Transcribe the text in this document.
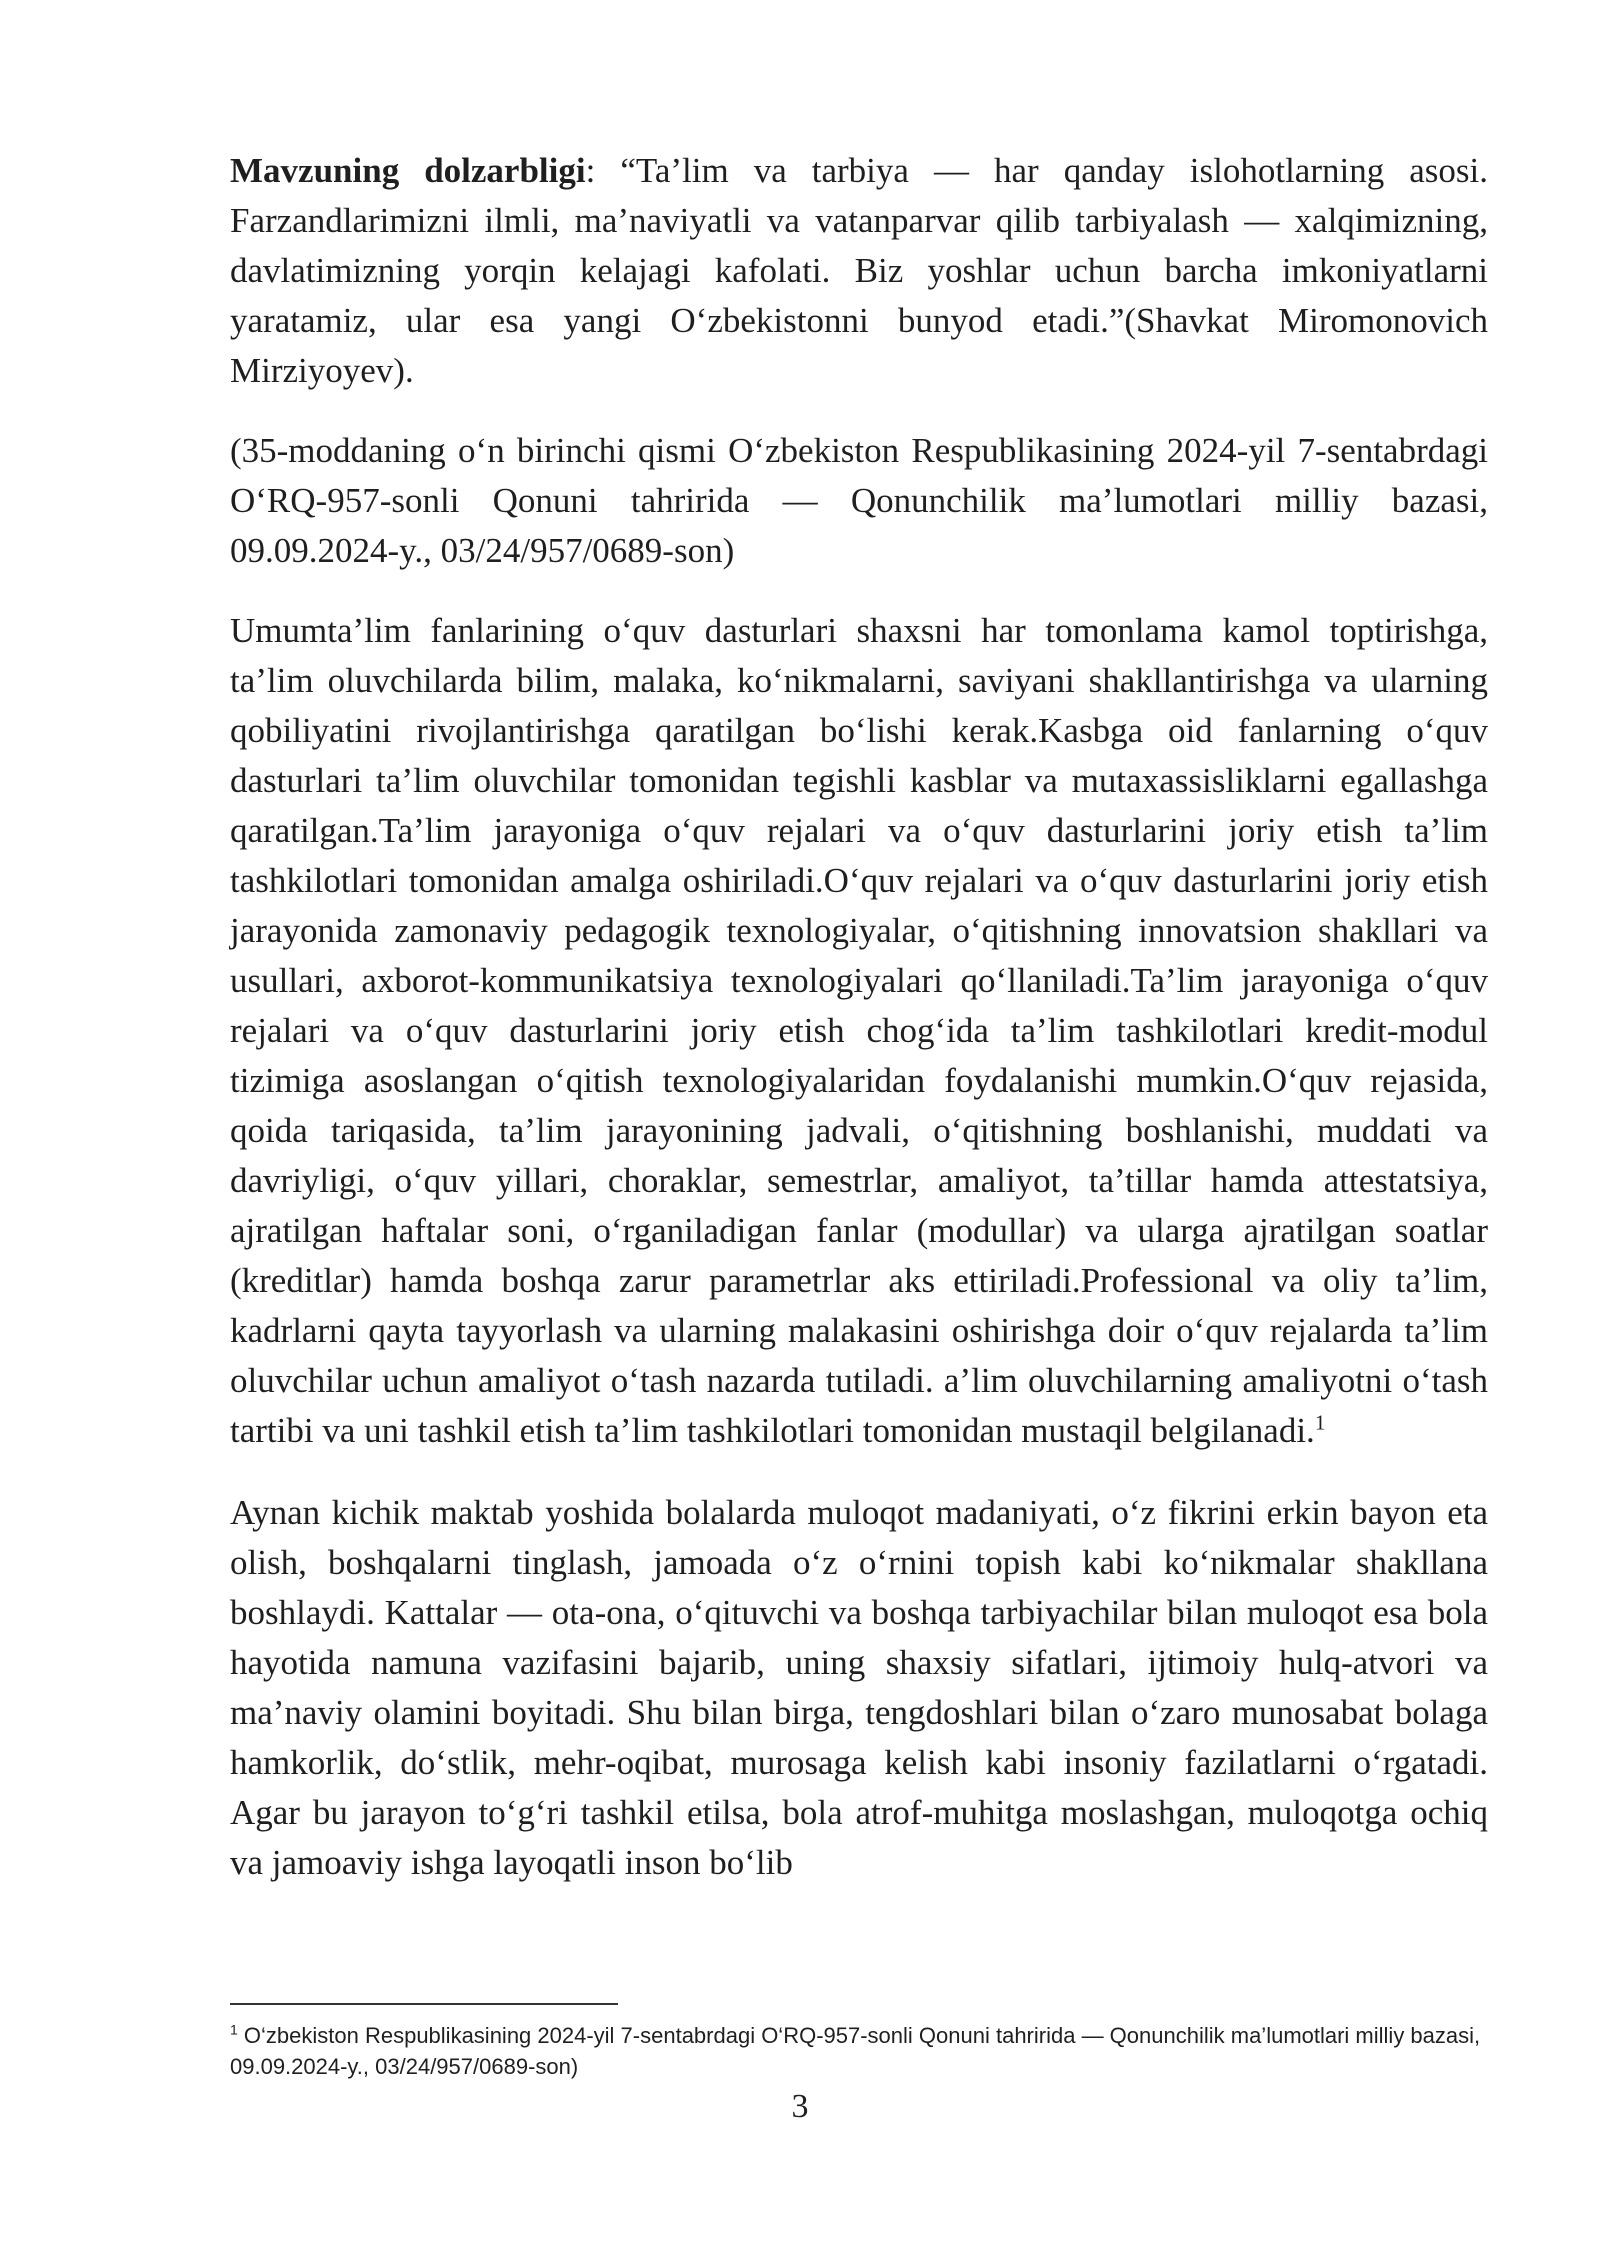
Mavzuning dolzarbligi: “Ta’lim va tarbiya — har qanday islohotlarning asosi. Farzandlarimizni ilmli, ma’naviyatli va vatanparvar qilib tarbiyalash — xalqimizning, davlatimizning yorqin kelajagi kafolati. Biz yoshlar uchun barcha imkoniyatlarni yaratamiz, ular esa yangi O‘zbekistonni bunyod etadi.”(Shavkat Miromonovich Mirziyoyev).

(35-moddaning o‘n birinchi qismi O‘zbekiston Respublikasining 2024-yil 7-sentabrdagi O‘RQ-957-sonli Qonuni tahririda — Qonunchilik ma’lumotlari milliy bazasi, 09.09.2024-y., 03/24/957/0689-son)

Umumta’lim fanlarining o‘quv dasturlari shaxsni har tomonlama kamol toptirishga, ta’lim oluvchilarda bilim, malaka, ko‘nikmalarni, saviyani shakllantirishga va ularning qobiliyatini rivojlantirishga qaratilgan bo‘lishi kerak.Kasbga oid fanlarning o‘quv dasturlari ta’lim oluvchilar tomonidan tegishli kasblar va mutaxassisliklarni egallashga qaratilgan.Ta’lim jarayoniga o‘quv rejalari va o‘quv dasturlarini joriy etish ta’lim tashkilotlari tomonidan amalga oshiriladi.O‘quv rejalari va o‘quv dasturlarini joriy etish jarayonida zamonaviy pedagogik texnologiyalar, o‘qitishning innovatsion shakllari va usullari, axborot-kommunikatsiya texnologiyalari qo‘llaniladi.Ta’lim jarayoniga o‘quv rejalari va o‘quv dasturlarini joriy etish chog‘ida ta’lim tashkilotlari kredit-modul tizimiga asoslangan o‘qitish texnologiyalaridan foydalanishi mumkin.O‘quv rejasida, qoida tariqasida, ta’lim jarayonining jadvali, o‘qitishning boshlanishi, muddati va davriyligi, o‘quv yillari, choraklar, semestrlar, amaliyot, ta’tillar hamda attestatsiya, ajratilgan haftalar soni, o‘rganiladigan fanlar (modullar) va ularga ajratilgan soatlar (kreditlar) hamda boshqa zarur parametrlar aks ettiriladi.Professional va oliy ta’lim, kadrlarni qayta tayyorlash va ularning malakasini oshirishga doir o‘quv rejalarda ta’lim oluvchilar uchun amaliyot o‘tash nazarda tutiladi. a’lim oluvchilarning amaliyotni o‘tash tartibi va uni tashkil etish ta’lim tashkilotlari tomonidan mustaqil belgilanadi.$^1$

Aynan kichik maktab yoshida bolalarda muloqot madaniyati, o‘z fikrini erkin bayon eta olish, boshqalarni tinglash, jamoada o‘z o‘rnini topish kabi ko‘nikmalar shakllana boshlaydi. Kattalar — ota-ona, o‘qituvchi va boshqa tarbiyachilar bilan muloqot esa bola hayotida namuna vazifasini bajarib, uning shaxsiy sifatlari, ijtimoiy hulq-atvori va ma’naviy olamini boyitadi. Shu bilan birga, tengdoshlari bilan o‘zaro munosabat bolaga hamkorlik, do‘stlik, mehr-oqibat, murosaga kelish kabi insoniy fazilatlarni o‘rgatadi. Agar bu jarayon to‘g‘ri tashkil etilsa, bola atrof-muhitga moslashgan, muloqotga ochiq va jamoaviy ishga layoqatli inson bo‘lib

$^1$ O‘zbekiston Respublikasining 2024-yil 7-sentabrdagi O‘RQ-957-sonli Qonuni tahririda — Qonunchilik ma’lumotlari milliy bazasi, 09.09.2024-y., 03/24/957/0689-son)

3
